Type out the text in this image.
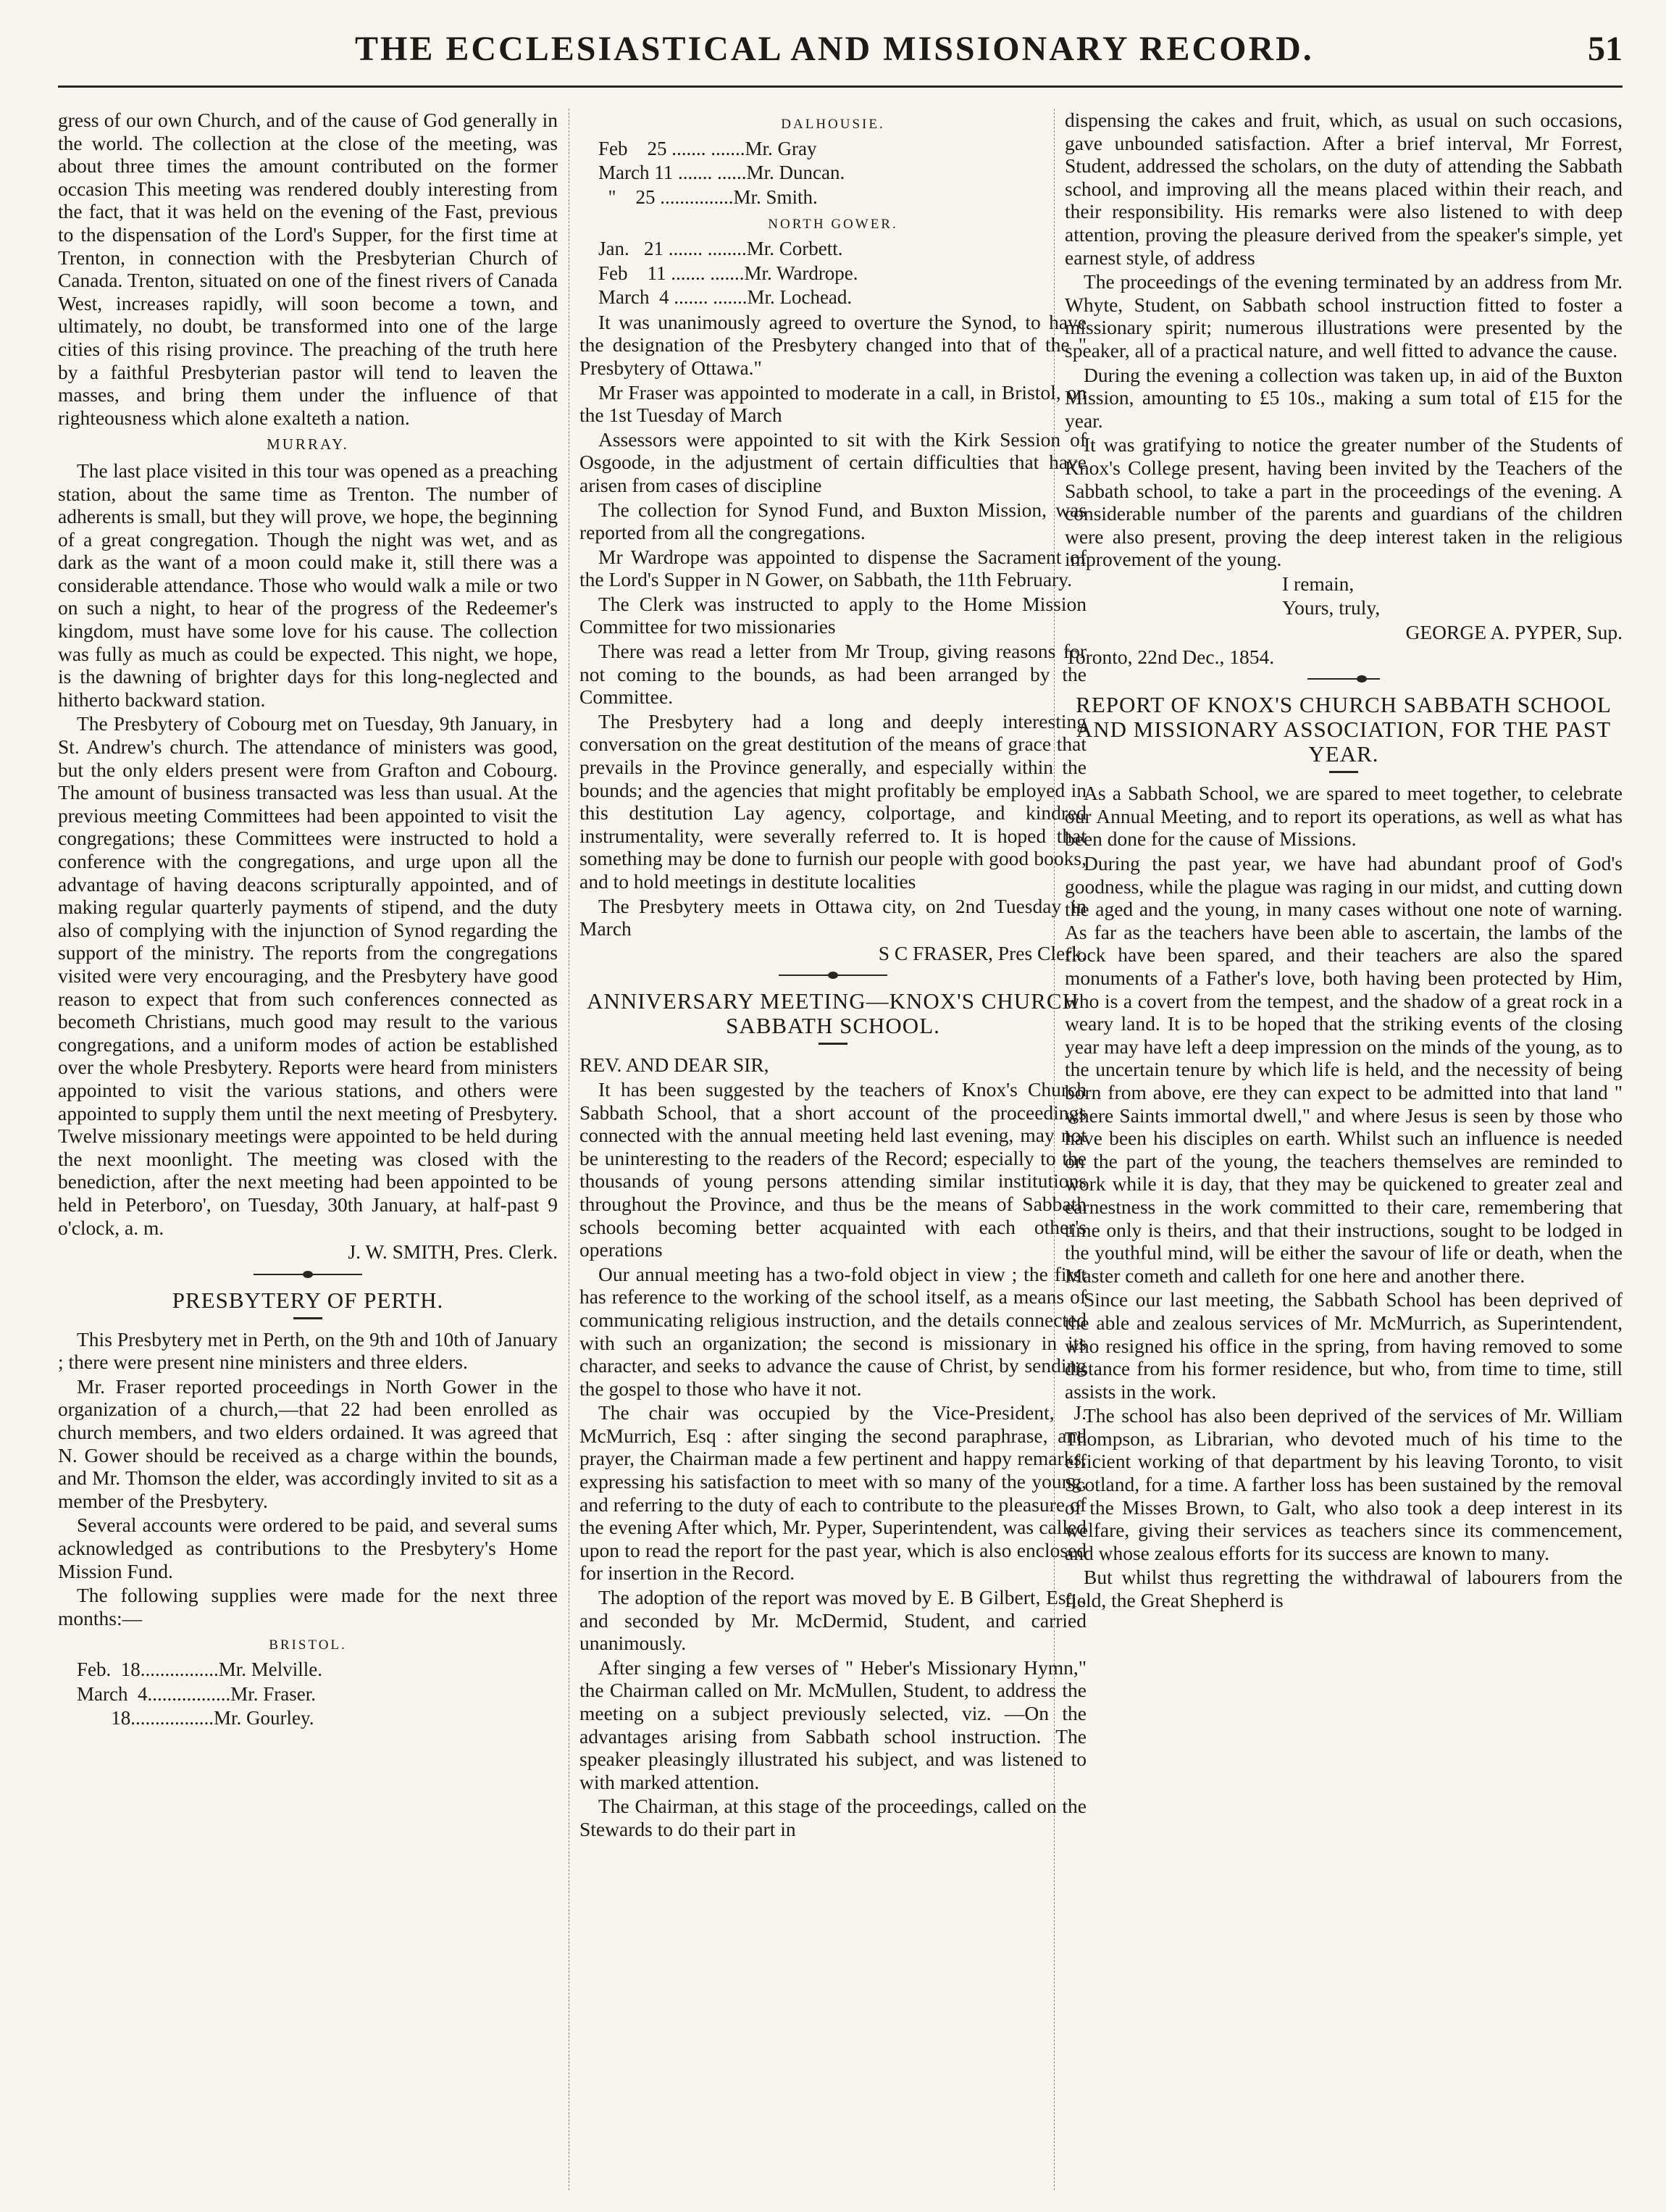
THE ECCLESIASTICAL AND MISSIONARY RECORD.	51

gress of our own Church, and of the cause of God generally in the world. The collection at the close of the meeting, was about three times the amount contributed on the former occasion This meeting was rendered doubly interesting from the fact, that it was held on the evening of the Fast, previous to the dispensation of the Lord's Supper, for the first time at Trenton, in connection with the Presbyterian Church of Canada. Trenton, situated on one of the finest rivers of Canada West, increases rapidly, will soon become a town, and ultimately, no doubt, be transformed into one of the large cities of this rising province. The preaching of the truth here by a faithful Presbyterian pastor will tend to leaven the masses, and bring them under the influence of that righteousness which alone exalteth a nation.

MURRAY.

The last place visited in this tour was opened as a preaching station, about the same time as Trenton. The number of adherents is small, but they will prove, we hope, the beginning of a great congregation. Though the night was wet, and as dark as the want of a moon could make it, still there was a considerable attendance. Those who would walk a mile or two on such a night, to hear of the progress of the Redeemer's kingdom, must have some love for his cause. The collection was fully as much as could be expected. This night, we hope, is the dawning of brighter days for this long-neglected and hitherto backward station.

The Presbytery of Cobourg met on Tuesday, 9th January, in St. Andrew's church. The attendance of ministers was good, but the only elders present were from Grafton and Cobourg. The amount of business transacted was less than usual. At the previous meeting Committees had been appointed to visit the congregations; these Committees were instructed to hold a conference with the congregations, and urge upon all the advantage of having deacons scripturally appointed, and of making regular quarterly payments of stipend, and the duty also of complying with the injunction of Synod regarding the support of the ministry. The reports from the congregations visited were very encouraging, and the Presbytery have good reason to expect that from such conferences connected as becometh Christians, much good may result to the various congregations, and a uniform modes of action be established over the whole Presbytery. Reports were heard from ministers appointed to visit the various stations, and others were appointed to supply them until the next meeting of Presbytery. Twelve missionary meetings were appointed to be held during the next moonlight. The meeting was closed with the benediction, after the next meeting had been appointed to be held in Peterboro', on Tuesday, 30th January, at half-past 9 o'clock, a. m.

J. W. SMITH, Pres. Clerk.

PRESBYTERY OF PERTH.

This Presbytery met in Perth, on the 9th and 10th of January ; there were present nine ministers and three elders.

Mr. Fraser reported proceedings in North Gower in the organization of a church,—that 22 had been enrolled as church members, and two elders ordained. It was agreed that N. Gower should be received as a charge within the bounds, and Mr. Thomson the elder, was accordingly invited to sit as a member of the Presbytery.

Several accounts were ordered to be paid, and several sums acknowledged as contributions to the Presbytery's Home Mission Fund.

The following supplies were made for the next three months:—

BRISTOL.

Feb.  18................Mr. Melville.

March  4.................Mr. Fraser.

18.................Mr. Gourley.

DALHOUSIE.

Feb    25 ....... .......Mr. Gray

March 11 ....... ......Mr. Duncan.

"    25 ...............Mr. Smith.

NORTH GOWER.

Jan.   21 ....... ........Mr. Corbett.

Feb    11 ....... .......Mr. Wardrope.

March  4 ....... .......Mr. Lochead.

It was unanimously agreed to overture the Synod, to have the designation of the Presbytery changed into that of the " Presbytery of Ottawa."

Mr Fraser was appointed to moderate in a call, in Bristol, on the 1st Tuesday of March

Assessors were appointed to sit with the Kirk Session of Osgoode, in the adjustment of certain difficulties that have arisen from cases of discipline

The collection for Synod Fund, and Buxton Mission, was reported from all the congregations.

Mr Wardrope was appointed to dispense the Sacrament of the Lord's Supper in N Gower, on Sabbath, the 11th February.

The Clerk was instructed to apply to the Home Mission Committee for two missionaries

There was read a letter from Mr Troup, giving reasons for not coming to the bounds, as had been arranged by the Committee.

The Presbytery had a long and deeply interesting conversation on the great destitution of the means of grace that prevails in the Province generally, and especially within the bounds; and the agencies that might profitably be employed in this destitution Lay agency, colportage, and kindred instrumentality, were severally referred to. It is hoped that something may be done to furnish our people with good books, and to hold meetings in destitute localities

The Presbytery meets in Ottawa city, on 2nd Tuesday in March

S C FRASER, Pres Clerk.

ANNIVERSARY MEETING—KNOX'S CHURCH SABBATH SCHOOL.

REV. AND DEAR SIR,

It has been suggested by the teachers of Knox's Church Sabbath School, that a short account of the proceedings connected with the annual meeting held last evening, may not be uninteresting to the readers of the Record; especially to the thousands of young persons attending similar institutions throughout the Province, and thus be the means of Sabbath schools becoming better acquainted with each other's operations

Our annual meeting has a two-fold object in view ; the first has reference to the working of the school itself, as a means of communicating religious instruction, and the details connected with such an organization; the second is missionary in its character, and seeks to advance the cause of Christ, by sending the gospel to those who have it not.

The chair was occupied by the Vice-President, J. McMurrich, Esq : after singing the second paraphrase, and prayer, the Chairman made a few pertinent and happy remarks, expressing his satisfaction to meet with so many of the young, and referring to the duty of each to contribute to the pleasure of the evening After which, Mr. Pyper, Superintendent, was called upon to read the report for the past year, which is also enclosed for insertion in the Record.

The adoption of the report was moved by E. B Gilbert, Esq , and seconded by Mr. McDermid, Student, and carried unanimously.

After singing a few verses of " Heber's Missionary Hymn," the Chairman called on Mr. McMullen, Student, to address the meeting on a subject previously selected, viz. —On the advantages arising from Sabbath school instruction. The speaker pleasingly illustrated his subject, and was listened to with marked attention.

The Chairman, at this stage of the proceedings, called on the Stewards to do their part in

dispensing the cakes and fruit, which, as usual on such occasions, gave unbounded satisfaction. After a brief interval, Mr Forrest, Student, addressed the scholars, on the duty of attending the Sabbath school, and improving all the means placed within their reach, and their responsibility. His remarks were also listened to with deep attention, proving the pleasure derived from the speaker's simple, yet earnest style, of address

The proceedings of the evening terminated by an address from Mr. Whyte, Student, on Sabbath school instruction fitted to foster a missionary spirit; numerous illustrations were presented by the speaker, all of a practical nature, and well fitted to advance the cause.

During the evening a collection was taken up, in aid of the Buxton Mission, amounting to £5 10s., making a sum total of £15 for the year.

It was gratifying to notice the greater number of the Students of Knox's College present, having been invited by the Teachers of the Sabbath school, to take a part in the proceedings of the evening. A considerable number of the parents and guardians of the children were also present, proving the deep interest taken in the religious improvement of the young.

I remain,

Yours, truly,

GEORGE A. PYPER, Sup.

Toronto, 22nd Dec., 1854.

REPORT OF KNOX'S CHURCH SABBATH SCHOOL AND MISSIONARY ASSOCIATION, FOR THE PAST YEAR.

As a Sabbath School, we are spared to meet together, to celebrate our Annual Meeting, and to report its operations, as well as what has been done for the cause of Missions.

During the past year, we have had abundant proof of God's goodness, while the plague was raging in our midst, and cutting down the aged and the young, in many cases without one note of warning. As far as the teachers have been able to ascertain, the lambs of the flock have been spared, and their teachers are also the spared monuments of a Father's love, both having been protected by Him, who is a covert from the tempest, and the shadow of a great rock in a weary land. It is to be hoped that the striking events of the closing year may have left a deep impression on the minds of the young, as to the uncertain tenure by which life is held, and the necessity of being born from above, ere they can expect to be admitted into that land " where Saints immortal dwell," and where Jesus is seen by those who have been his disciples on earth. Whilst such an influence is needed on the part of the young, the teachers themselves are reminded to work while it is day, that they may be quickened to greater zeal and earnestness in the work committed to their care, remembering that time only is theirs, and that their instructions, sought to be lodged in the youthful mind, will be either the savour of life or death, when the Master cometh and calleth for one here and another there.

Since our last meeting, the Sabbath School has been deprived of the able and zealous services of Mr. McMurrich, as Superintendent, who resigned his office in the spring, from having removed to some distance from his former residence, but who, from time to time, still assists in the work.

The school has also been deprived of the services of Mr. William Thompson, as Librarian, who devoted much of his time to the efficient working of that department by his leaving Toronto, to visit Scotland, for a time. A farther loss has been sustained by the removal of the Misses Brown, to Galt, who also took a deep interest in its welfare, giving their services as teachers since its commencement, and whose zealous efforts for its success are known to many.

But whilst thus regretting the withdrawal of labourers from the field, the Great Shepherd is
